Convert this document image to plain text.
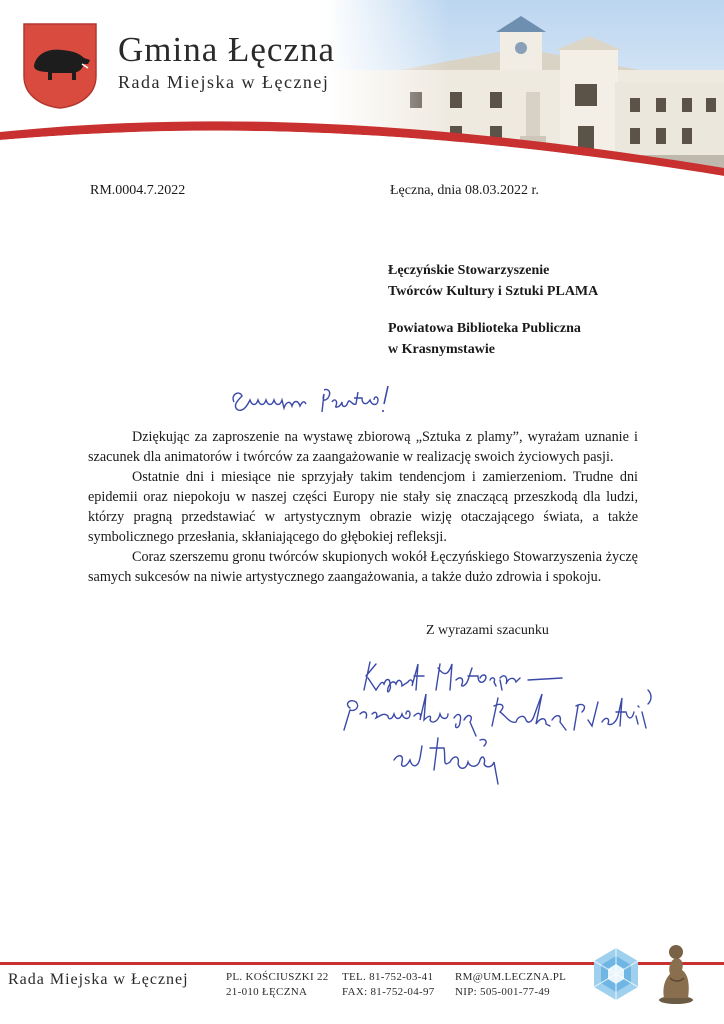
Gmina Łęczna
Rada Miejska w Łęcznej
RM.0004.7.2022	Łęczna, dnia 08.03.2022 r.
Łęczyńskie Stowarzyszenie
Twórców Kultury i Sztuki PLAMA
Powiatowa Biblioteka Publiczna
w Krasnymstawie

Dziękując za zaproszenie na wystawę zbiorową „Sztuka z plamy”, wyrażam uznanie i szacunek dla animatorów i twórców za zaangażowanie w realizację swoich życiowych pasji.

Ostatnie dni i miesiące nie sprzyjały takim tendencjom i zamierzeniom. Trudne dni epidemii oraz niepokoju w naszej części Europy nie stały się znaczącą przeszkodą dla ludzi, którzy pragną przedstawiać w artystycznym obrazie wizję otaczającego świata, a także symbolicznego przesłania, skłaniającego do głębokiej refleksji.

Coraz szerszemu gronu twórców skupionych wokół Łęczyńskiego Stowarzyszenia życzę samych sukcesów na niwie artystycznego zaangażowania, a także dużo zdrowia i spokoju.

Z wyrazami szacunku
Rada Miejska w Łęcznej	PL. KOŚCIUSZKI 22
21-010 ŁĘCZNA
TEL. 81-752-03-41
FAX: 81-752-04-97
RM@UM.LECZNA.PL
NIP: 505-001-77-49
